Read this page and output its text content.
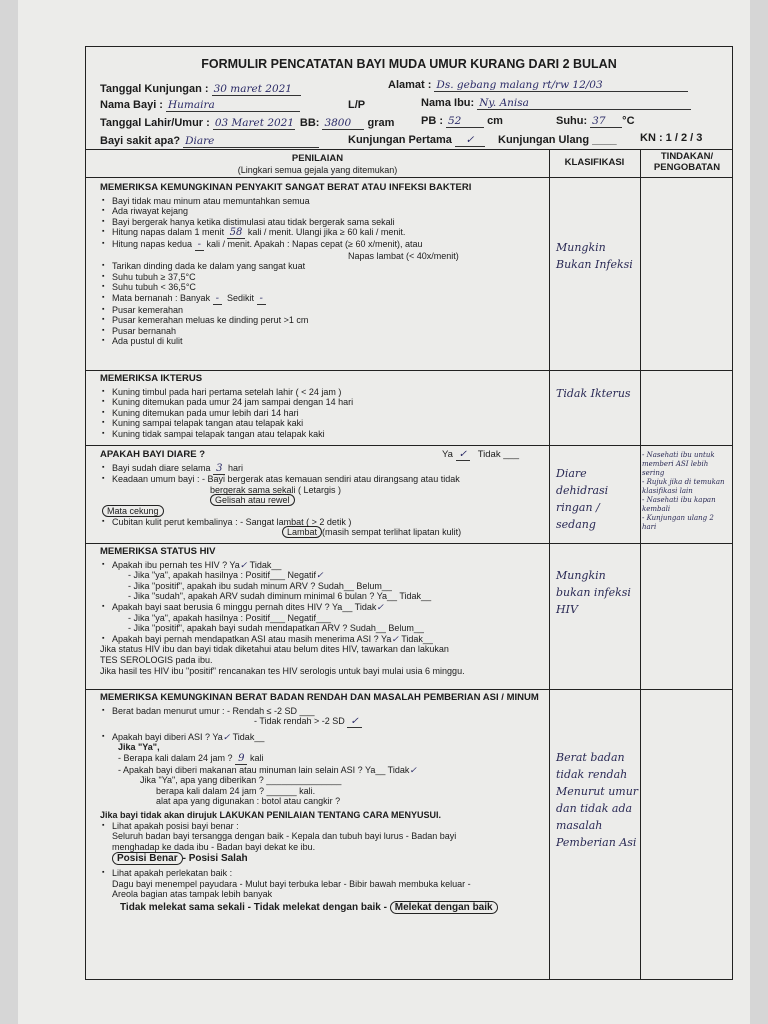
FORMULIR PENCATATAN BAYI MUDA UMUR KURANG DARI 2 BULAN
Tanggal Kunjungan : 30 maret 2021	Alamat : Ds. gebang malang rt/rw 12/03
Nama Bayi : Humaira	L/P	Nama Ibu: Ny. Anisa
Tanggal Lahir/Umur : 03 Maret 2021 BB: 3800 gram PB : 52 cm	Suhu: 37 °C
Bayi sakit apa? Diare	Kunjungan Pertama ✓	Kunjungan Ulang ____ KN : 1 / 2 / 3
PENILAIAN
(Lingkari semua gejala yang ditemukan)
KLASIFIKASI
TINDAKAN/ PENGOBATAN
MEMERIKSA KEMUNGKINAN PENYAKIT SANGAT BERAT ATAU INFEKSI BAKTERI
▪ Bayi tidak mau minum atau memuntahkan semua
▪ Ada riwayat kejang
▪ Bayi bergerak hanya ketika distimulasi atau tidak bergerak sama sekali
▪ Hitung napas dalam 1 menit 58 kali / menit. Ulangi jika ≥ 60 kali / menit.
▪ Hitung napas kedua - kali / menit. Apakah : Napas cepat (≥ 60 x/menit), atau
Napas lambat (< 40x/menit)
▪ Tarikan dinding dada ke dalam yang sangat kuat
▪ Suhu tubuh ≥ 37,5°C
▪ Suhu tubuh < 36,5°C
▪ Mata bernanah : Banyak - Sedikit -
▪ Pusar kemerahan
▪ Pusar kemerahan meluas ke dinding perut >1 cm
▪ Pusar bernanah
▪ Ada pustul di kulit
Mungkin Bukan Infeksi
MEMERIKSA IKTERUS
▪ Kuning timbul pada hari pertama setelah lahir ( < 24 jam )
▪ Kuning ditemukan pada umur 24 jam sampai dengan 14 hari
▪ Kuning ditemukan pada umur lebih dari 14 hari
▪ Kuning sampai telapak tangan atau telapak kaki
▪ Kuning tidak sampai telapak tangan atau telapak kaki
Tidak Ikterus
APAKAH BAYI DIARE ?	Ya ✓ Tidak ___
▪ Bayi sudah diare selama 3 hari
▪ Keadaan umum bayi : - Bayi bergerak atas kemauan sendiri atau dirangsang atau tidak
bergerak sama sekali ( Letargis )
Gelisah atau rewel
Mata cekung
▪ Cubitan kulit perut kembalinya : - Sangat lambat ( > 2 detik )
Lambat (masih sempat terlihat lipatan kulit)
Diare dehidrasi ringan / sedang
- Nasehati ibu untuk memberi ASI lebih sering
- Rujuk jika di temukan klasifikasi lain
- Nasehati ibu kapan kembali
- Kunjungan ulang 2 hari
MEMERIKSA STATUS HIV
▪ Apakah ibu pernah tes HIV ? Ya✓ Tidak__
- Jika "ya", apakah hasilnya : Positif___ Negatif✓
- Jika "positif", apakah ibu sudah minum ARV ? Sudah__ Belum__
- Jika "sudah", apakah ARV sudah diminum minimal 6 bulan ? Ya__ Tidak__
▪ Apakah bayi saat berusia 6 minggu pernah dites HIV ? Ya__ Tidak✓
- Jika "ya", apakah hasilnya : Positif___ Negatif___
- Jika "positif", apakah bayi sudah mendapatkan ARV ? Sudah__ Belum__
▪ Apakah bayi pernah mendapatkan ASI atau masih menerima ASI ? Ya✓ Tidak__
Jika status HIV ibu dan bayi tidak diketahui atau belum dites HIV, tawarkan dan lakukan
TES SEROLOGIS pada ibu.
Jika hasil tes HIV ibu "positif" rencanakan tes HIV serologis untuk bayi mulai usia 6 minggu.
Mungkin bukan infeksi HIV
MEMERIKSA KEMUNGKINAN BERAT BADAN RENDAH DAN MASALAH PEMBERIAN ASI / MINUM
▪ Berat badan menurut umur : - Rendah ≤ -2 SD ___
- Tidak rendah > -2 SD ✓
▪ Apakah bayi diberi ASI ? Ya✓ Tidak__
Jika "Ya",
- Berapa kali dalam 24 jam ? 9 kali
- Apakah bayi diberi makanan atau minuman lain selain ASI ? Ya__ Tidak✓
Jika "Ya", apa yang diberikan ? _______________
berapa kali dalam 24 jam ? ______ kali.
alat apa yang digunakan : botol atau cangkir ?
Jika bayi tidak akan dirujuk LAKUKAN PENILAIAN TENTANG CARA MENYUSUI.
▪ Lihat apakah posisi bayi benar :
Seluruh badan bayi tersangga dengan baik - Kepala dan tubuh bayi lurus - Badan bayi
menghadap ke dada ibu - Badan bayi dekat ke ibu.
Posisi Benar - Posisi Salah
▪ Lihat apakah perlekatan baik :
Dagu bayi menempel payudara - Mulut bayi terbuka lebar - Bibir bawah membuka keluar -
Areola bagian atas tampak lebih banyak
Tidak melekat sama sekali - Tidak melekat dengan baik - Melekat dengan baik
Berat badan tidak rendah Menurut umur dan tidak ada masalah Pemberian Asi
